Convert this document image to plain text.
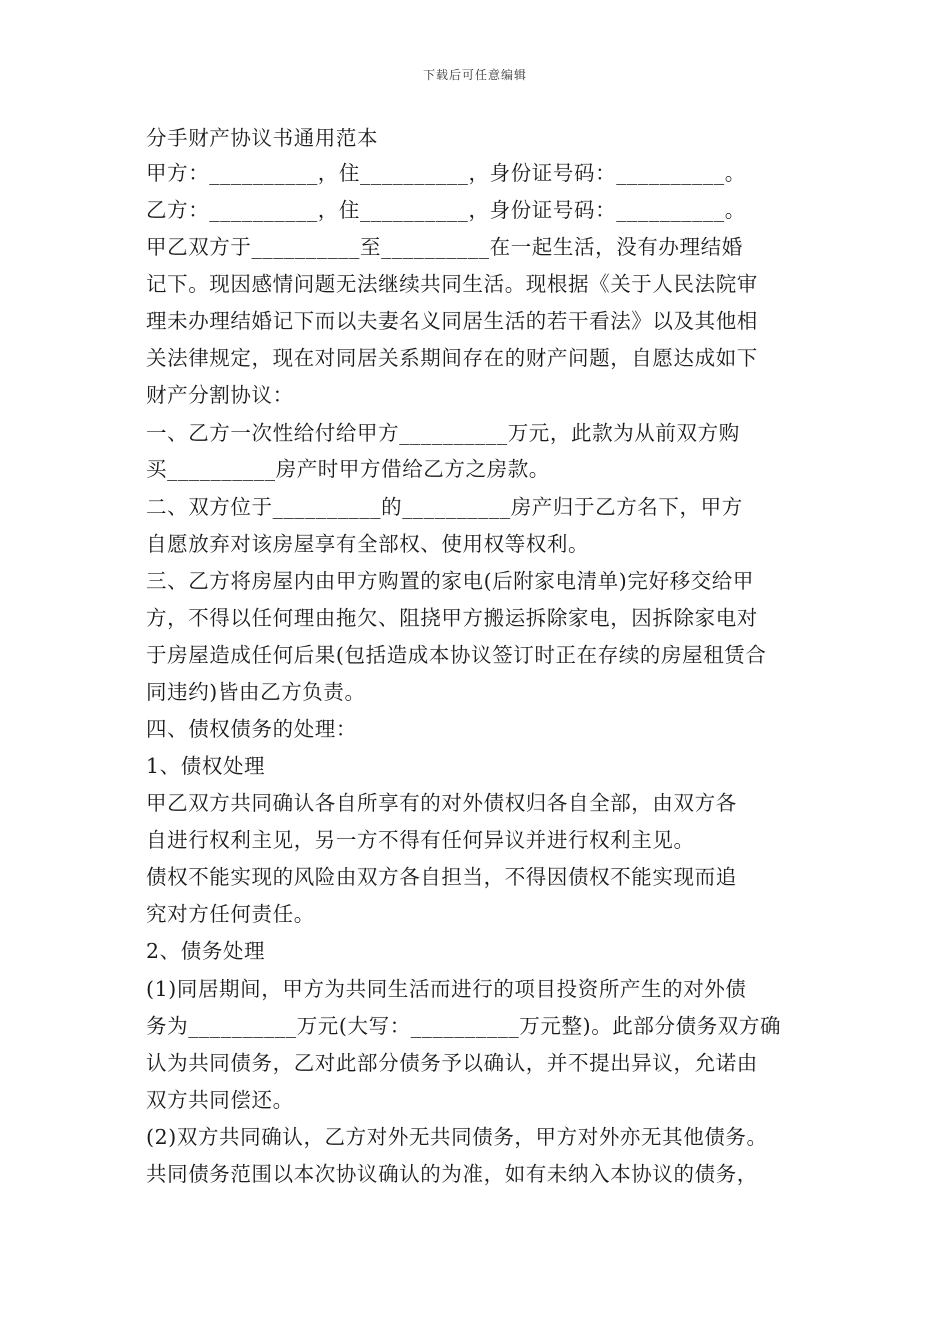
下载后可任意编辑
分手财产协议书通用范本
甲方：__________，住__________，身份证号码：__________。
乙方：__________，住__________，身份证号码：__________。
甲乙双方于__________至__________在一起生活，没有办理结婚
记下。现因感情问题无法继续共同生活。现根据《关于人民法院审
理未办理结婚记下而以夫妻名义同居生活的若干看法》以及其他相
关法律规定，现在对同居关系期间存在的财产问题，自愿达成如下
财产分割协议：
一、乙方一次性给付给甲方__________万元，此款为从前双方购
买__________房产时甲方借给乙方之房款。
二、双方位于__________的__________房产归于乙方名下，甲方
自愿放弃对该房屋享有全部权、使用权等权利。
三、乙方将房屋内由甲方购置的家电(后附家电清单)完好移交给甲
方，不得以任何理由拖欠、阻挠甲方搬运拆除家电，因拆除家电对
于房屋造成任何后果(包括造成本协议签订时正在存续的房屋租赁合
同违约)皆由乙方负责。
四、债权债务的处理：
1、债权处理
甲乙双方共同确认各自所享有的对外债权归各自全部，由双方各
自进行权利主见，另一方不得有任何异议并进行权利主见。
债权不能实现的风险由双方各自担当，不得因债权不能实现而追
究对方任何责任。
2、债务处理
(1)同居期间，甲方为共同生活而进行的项目投资所产生的对外债
务为__________万元(大写：__________万元整)。此部分债务双方确
认为共同债务，乙对此部分债务予以确认，并不提出异议，允诺由
双方共同偿还。
(2)双方共同确认，乙方对外无共同债务，甲方对外亦无其他债务。
共同债务范围以本次协议确认的为准，如有未纳入本协议的债务，
